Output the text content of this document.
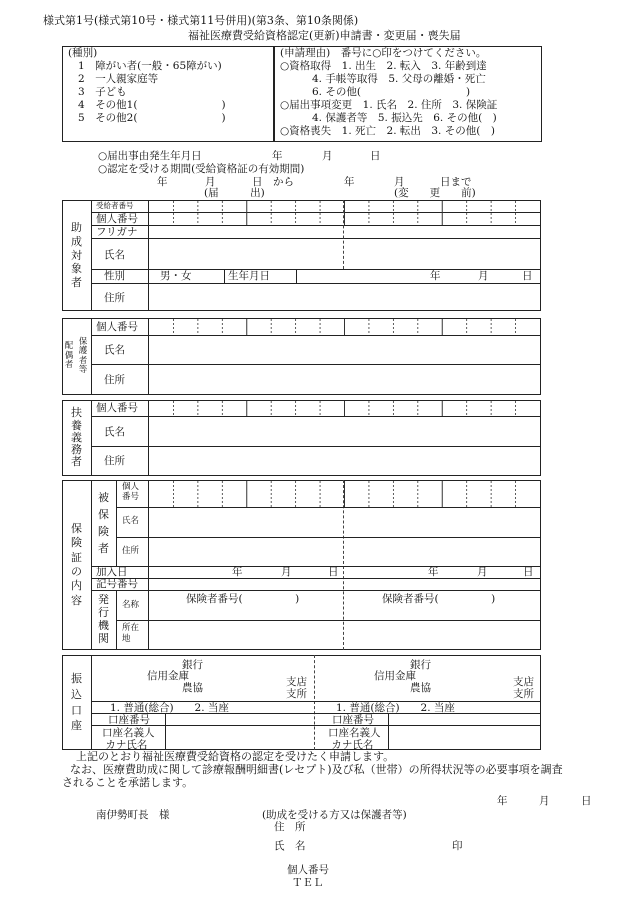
様式第1号(様式第10号・様式第11号併用)(第3条、第10条関係)
福祉医療費受給資格認定(更新)申請書・変更届・喪失届
(種別)
1　 障がい者(一般・65障がい)
2　 一人親家庭等
3　 子ども
4　 その他1(　　　　　　　　)
5　 その他2(　　　　　　　　)
(申請理由)　番号に○印をつけてください。
○資格取得　1. 出生　2. 転入　3. 年齢到達
4. 手帳等取得　5. 父母の離婚・死亡
6. その他(　　　　　　　　　　)
○届出事項変更　1. 氏名　2. 住所　3. 保険証
4. 保護者等　5. 振込先　6. その他(　)
○資格喪失　1. 死亡　2. 転出　3. その他(　)
○届出事由発生年月日	年	月	日
○認定を受ける期間(受給資格証の有効期間)
年	月	日　から	年	月	日まで
(届　　　出)	(変　　更　　前)
助
成
対
象
者
受給者番号
個人番号
フリガナ
氏名
性別	男・女	生年月日	年	月	日
住所
配
偶
者
保
護
者
等
個人番号
氏名
住所
扶
養
義
務
者
個人番号
氏名
住所
保
険
証
の
内
容
被
保
険
者
個人
番号
氏名
住所
加入日	年	月	日	年	月	日
記号番号
発
行
機
関
名称	保険者番号(　　　　　)	保険者番号(　　　　　)
所在
地
振
込
口
座
銀行
信用金庫
農協	支店
支所
1. 普通(総合)　　2. 当座
口座番号
口座名義人
カナ氏名
銀行
信用金庫
農協	支店
支所
1. 普通(総合)　　2. 当座
口座番号
口座名義人
カナ氏名
上記のとおり福祉医療費受給資格の認定を受けたく申請します。
なお、医療費助成に関して診療報酬明細書(レセプト)及び私（世帯）の所得状況等の必要事項を調査
されることを承諾します。
年　　　月　　　日
南伊勢町長　様	(助成を受ける方又は保護者等)
住　所
氏　名	印
個人番号
ＴＥＬ
